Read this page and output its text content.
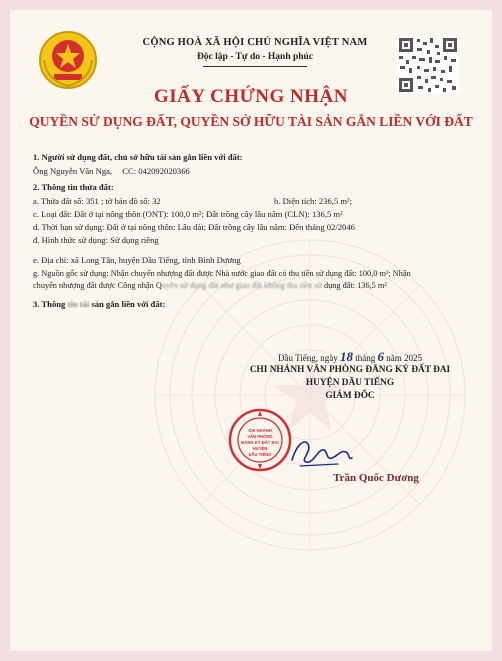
CỘNG HOÀ XÃ HỘI CHỦ NGHĨA VIỆT NAM
Độc lập - Tự do - Hạnh phúc
GIẤY CHỨNG NHẬN
QUYỀN SỬ DỤNG ĐẤT, QUYỀN SỞ HỮU TÀI SẢN GẮN LIỀN VỚI ĐẤT
1. Người sử dụng đất, chủ sở hữu tài sản gắn liền với đất:
Ông Nguyễn Văn Nga, CC: 042092020366
2. Thông tin thửa đất:
a. Thửa đất số: 351 ; tờ bản đồ số: 32	b. Diện tích: 236,5 m²;
c. Loại đất: Đất ở tại nông thôn (ONT): 100,0 m²; Đất trồng cây lâu năm (CLN): 136,5 m²
d. Thời hạn sử dụng: Đất ở tại nông thôn: Lâu dài; Đất trồng cây lâu năm: Đến tháng 02/2046
đ. Hình thức sử dụng: Sử dụng riêng
e. Địa chỉ: xã Long Tân, huyện Dầu Tiếng, tỉnh Bình Dương
g. Nguồn gốc sử dụng: Nhận chuyển nhượng đất được Nhà nước giao đất có thu tiền sử dụng đất: 100,0 m²; Nhận
chuyển nhượng đất được Công nhận Quyền sử dụng đất như giao đất không thu tiền sử dụng đất: 136,5 m²
3. Thông tin tài sản gắn liền với đất:
Dầu Tiếng, ngày 18 tháng 6 năm 2025
CHI NHÁNH VĂN PHÒNG ĐĂNG KÝ ĐẤT ĐAI
HUYỆN DẦU TIẾNG
GIÁM ĐỐC
CHI NHÁNH
VĂN PHÒNG
ĐĂNG KÝ ĐẤT ĐAI
HUYỆN
DẦU TIẾNG
Trần Quốc Dương
